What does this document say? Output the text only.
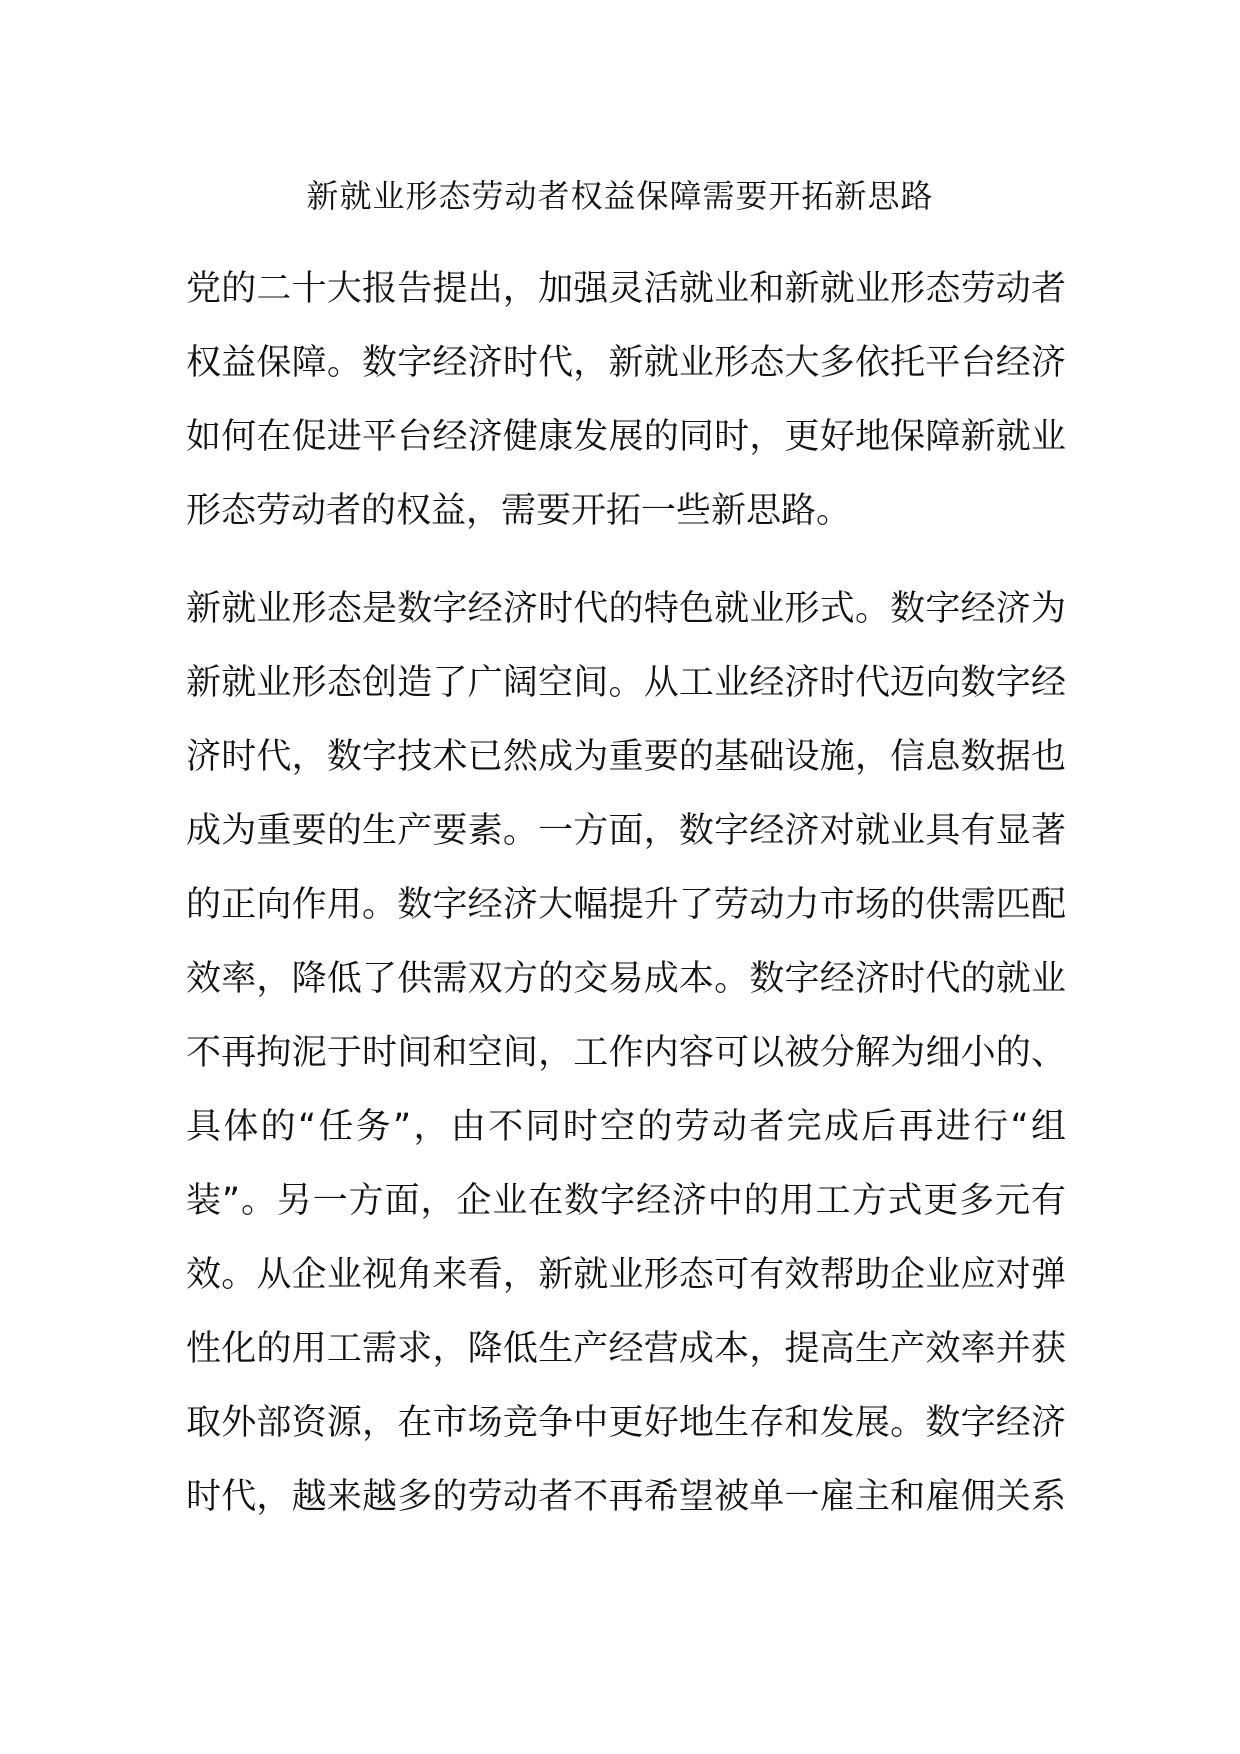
新就业形态劳动者权益保障需要开拓新思路
党的二十大报告提出，加强灵活就业和新就业形态劳动者
权益保障。数字经济时代，新就业形态大多依托平台经济
如何在促进平台经济健康发展的同时，更好地保障新就业
形态劳动者的权益，需要开拓一些新思路。
新就业形态是数字经济时代的特色就业形式。数字经济为
新就业形态创造了广阔空间。从工业经济时代迈向数字经
济时代，数字技术已然成为重要的基础设施，信息数据也
成为重要的生产要素。一方面，数字经济对就业具有显著
的正向作用。数字经济大幅提升了劳动力市场的供需匹配
效率，降低了供需双方的交易成本。数字经济时代的就业
不再拘泥于时间和空间，工作内容可以被分解为细小的、
具体的“任务”，由不同时空的劳动者完成后再进行“组
装”。另一方面，企业在数字经济中的用工方式更多元有
效。从企业视角来看，新就业形态可有效帮助企业应对弹
性化的用工需求，降低生产经营成本，提高生产效率并获
取外部资源，在市场竞争中更好地生存和发展。数字经济
时代，越来越多的劳动者不再希望被单一雇主和雇佣关系
